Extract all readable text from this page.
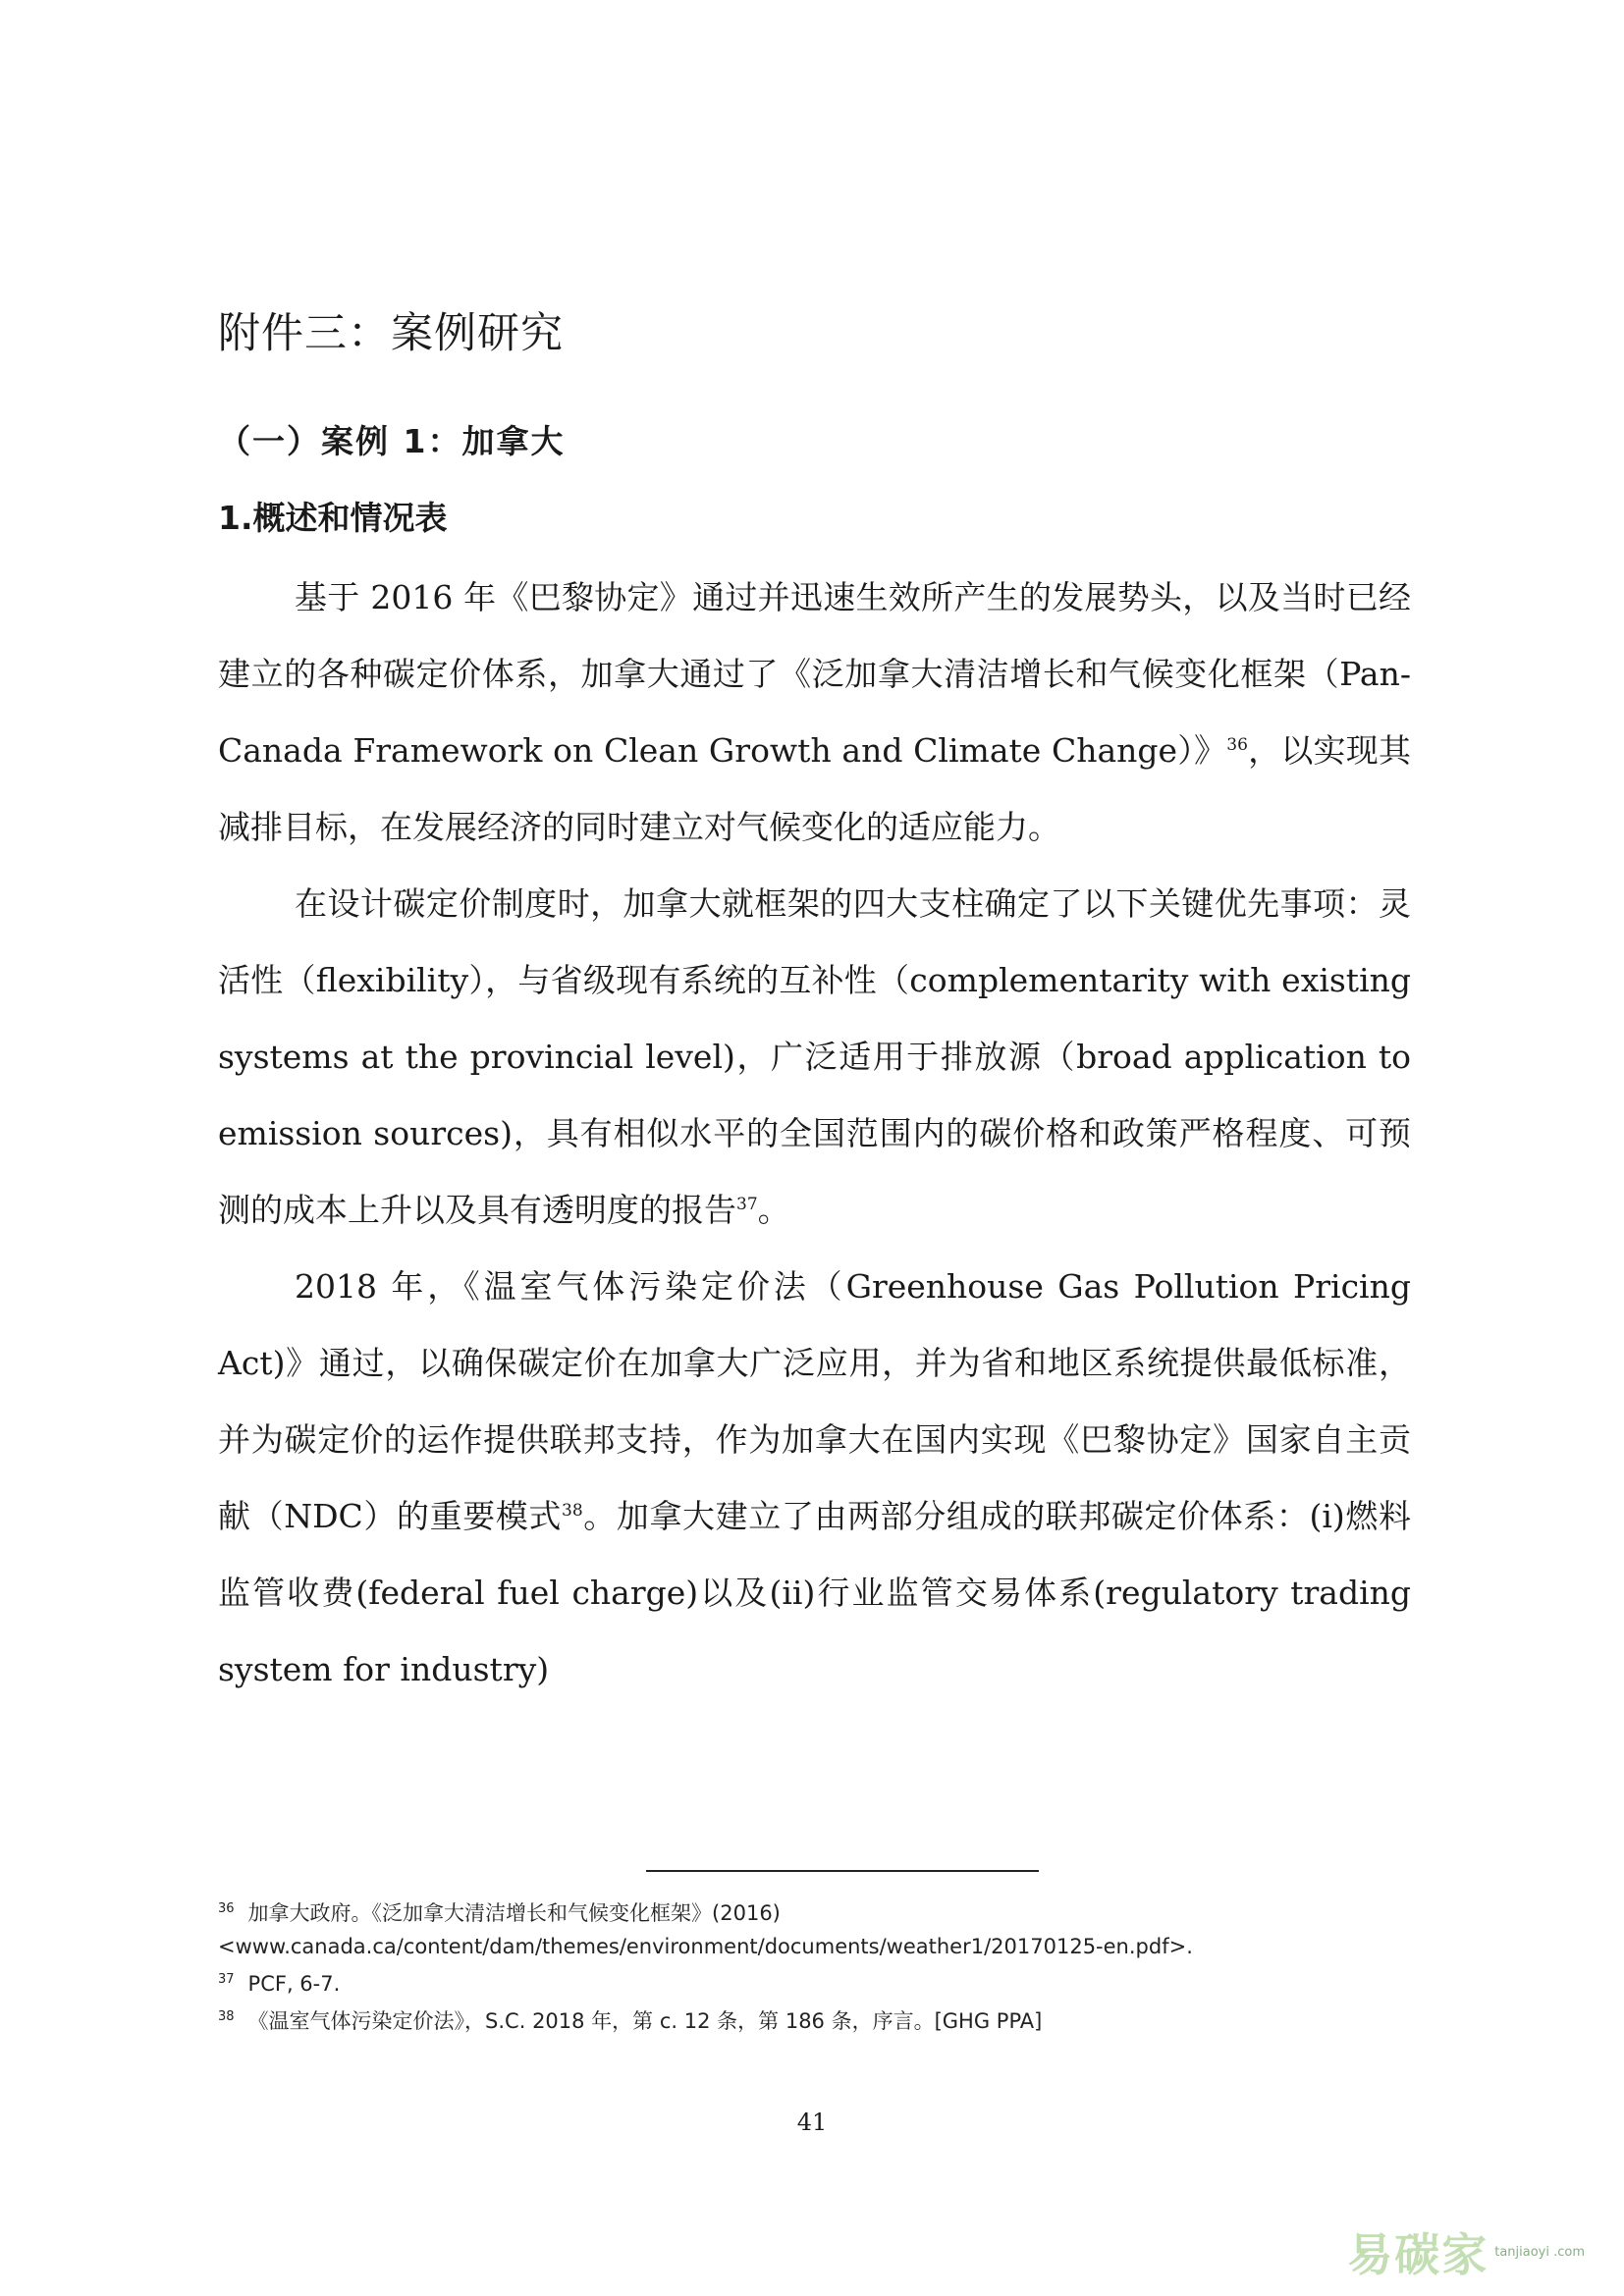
附件三：案例研究
（一）案例 1：加拿大
1.概述和情况表

基于 2016 年《巴黎协定》通过并迅速生效所产生的发展势头，以及当时已经建立的各种碳定价体系，加拿大通过了《泛加拿大清洁增长和气候变化框架（Pan-Canada Framework on Clean Growth and Climate Change）》$^{36}$，以实现其减排目标，在发展经济的同时建立对气候变化的适应能力。

在设计碳定价制度时，加拿大就框架的四大支柱确定了以下关键优先事项：灵活性（flexibility），与省级现有系统的互补性（complementarity with existing systems at the provincial level)，广泛适用于排放源（broad application to emission sources)，具有相似水平的全国范围内的碳价格和政策严格程度、可预测的成本上升以及具有透明度的报告$^{37}$。

2018 年，《温室气体污染定价法（Greenhouse Gas Pollution Pricing Act)》通过，以确保碳定价在加拿大广泛应用，并为省和地区系统提供最低标准，并为碳定价的运作提供联邦支持，作为加拿大在国内实现《巴黎协定》国家自主贡献（NDC）的重要模式$^{38}$。加拿大建立了由两部分组成的联邦碳定价体系：(i)燃料监管收费(federal fuel charge)以及(ii)行业监管交易体系(regulatory trading system for industry)

$^{36}$ 加拿大政府。《泛加拿大清洁增长和气候变化框架》(2016)

<www.canada.ca/content/dam/themes/environment/documents/weather1/20170125-en.pdf>.

$^{37}$ PCF, 6-7.

$^{38}$ 《温室气体污染定价法》，S.C. 2018 年，第 c. 12 条，第 186 条，序言。[GHG PPA]

41
易碳家 tanjiaoyi .com
